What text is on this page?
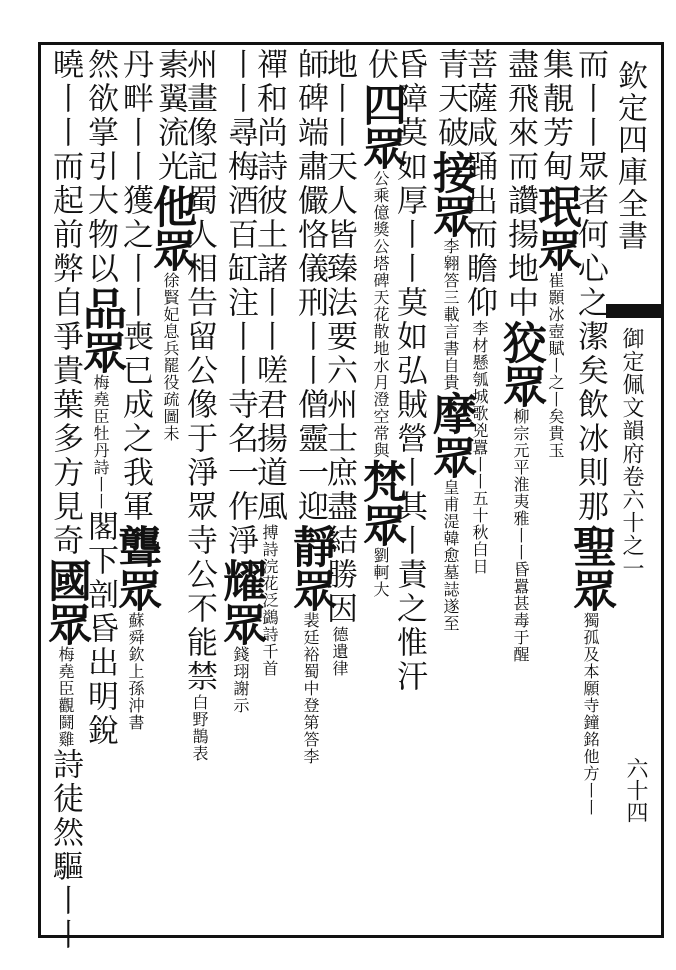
欽定四庫全書
御定佩文韻府卷六十之一
六十四
而丨丨眾者何心之潔矣飲冰則那聖眾獨孤及本願寺鐘銘他方丨丨
集靚芳甸珉眾崔顥冰壺賦丨之丨矣貴玉
盡飛來而讚揚地中狡眾柳宗元平淮夷雅丨丨昏囂甚毒于醒
菩薩咸踊出而瞻仰李材懸瓠城歌兇囂丨丨五十秋白日
青天破接眾李翱答三載言書自貴摩眾皇甫湜韓愈墓誌遂至
昏障莫如厚丨丨莫如弘賊營丨其丨責之惟汗
伏四眾公乘億獎公塔碑天花散地水月澄空常與梵眾劉軻大
地丨丨天人皆臻法要六州士庶盡結勝因德遺律
師碑端肅儼恪儀刑丨丨僧靈一迎靜眾裴廷裕蜀中登第答李
禪和尚詩彼土諸丨丨嗟君揚道風搏詩浣花泛鷁詩千首
丨丨尋梅酒百缸注丨丨寺名一作淨耀眾錢珝謝示
州畫像記蜀人相告留公像于淨眾寺公不能禁白野鵲表
素翼流光他眾徐賢妃息兵罷役疏圖未
丹畔丨丨獲之丨丨喪已成之我軍聾眾蘇舜欽上孫沖書
然欲掌引大物以品眾梅堯臣牡丹詩丨丨閣下剖昏出明銳
曉丨丨而起前弊自爭貴葉多方見奇國眾梅堯臣觀鬪雞詩徒然驅丨丨
